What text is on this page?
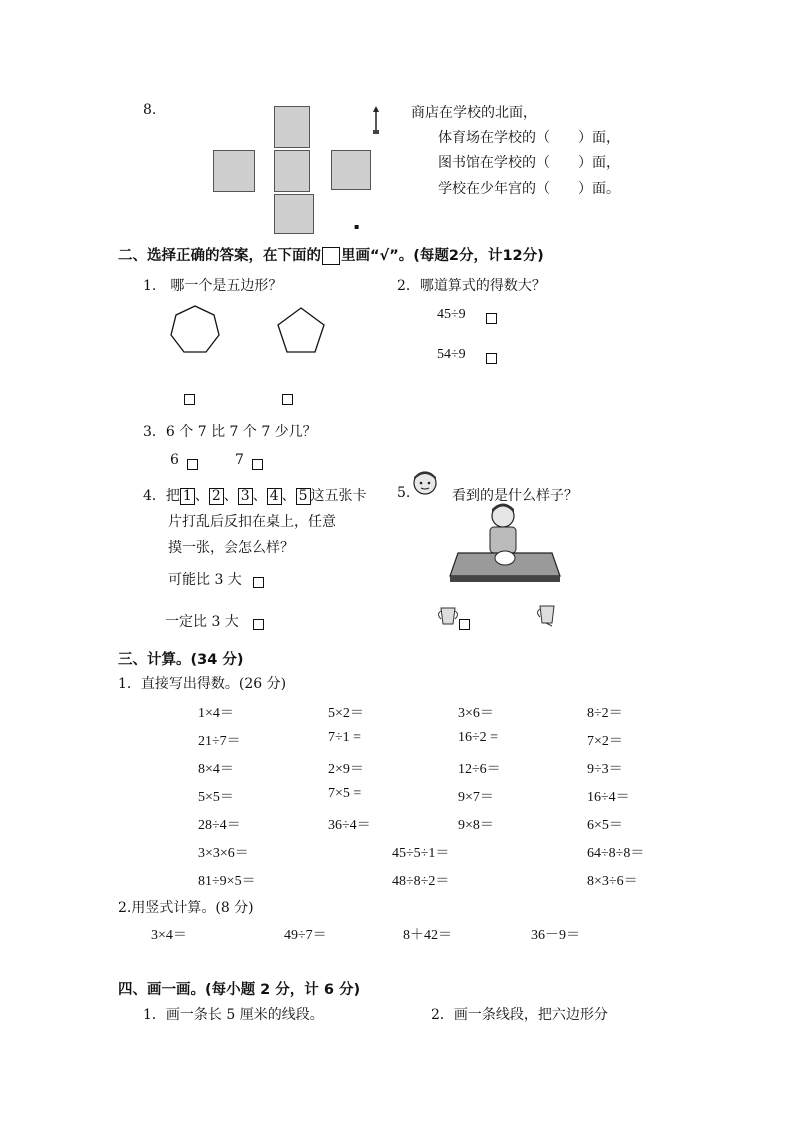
8.
▪
商店在学校的北面，
体育场在学校的（　　）面，
图书馆在学校的（　　）面，
学校在少年宫的（　　）面。
二、选择正确的答案，在下面的 里画“√”。(每题2分，计12分)
1.　哪一个是五边形？	2．哪道算式的得数大？
45÷9
54÷9
3．6 个 7 比 7 个 7 少几？
6	7
4．把 1 、 2 、 3 、 4 、 5 这五张卡
片打乱后反扣在桌上，任意
摸一张，会怎么样？
可能比 3 大
一定比 3 大
5.	看到的是什么样子？
三、计算。(34 分)
1．直接写出得数。(26 分)
1×4＝	5×2＝	3×6＝	8÷2＝
21÷7＝	7÷1 =	16÷2 =	7×2＝
8×4＝	2×9＝	12÷6＝	9÷3＝
5×5＝	7×5 =	9×7＝	16÷4＝
28÷4＝	36÷4＝	9×8＝	6×5＝
3×3×6＝	45÷5÷1＝	64÷8÷8＝
81÷9×5＝	48÷8÷2＝	8×3÷6＝
2.用竖式计算。(8 分)
3×4＝	49÷7＝	8＋42＝	36－9＝
四、画一画。(每小题 2 分，计 6 分)
1．画一条长 5 厘米的线段。	2．画一条线段，把六边形分
